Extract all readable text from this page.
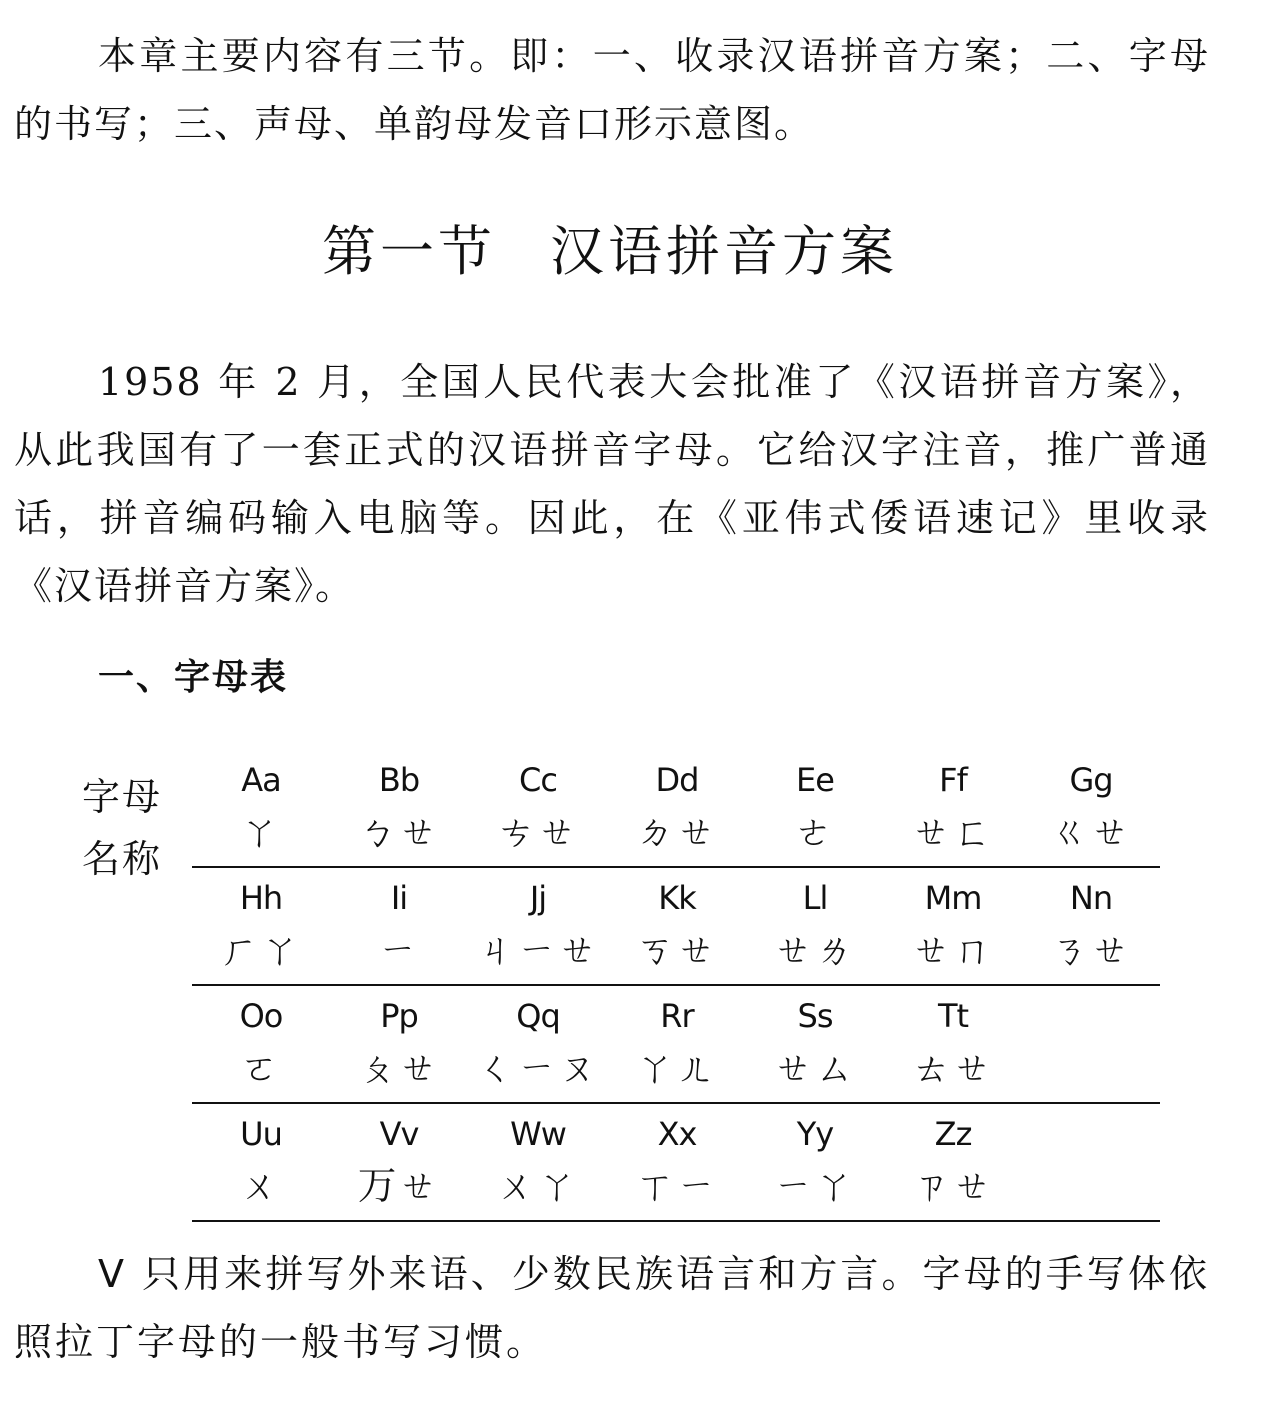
本章主要内容有三节。即：一、收录汉语拼音方案；二、字母的书写；三、声母、单韵母发音口形示意图。

第一节 汉语拼音方案

1958 年 2 月，全国人民代表大会批准了《汉语拼音方案》，从此我国有了一套正式的汉语拼音字母。它给汉字注音，推广普通话，拼音编码输入电脑等。因此，在《亚伟式倭语速记》里收录《汉语拼音方案》。

一、字母表
字母
名称
Aa
ㄚ
Bb
ㄅㄝ
Cc
ㄘㄝ
Dd
ㄉㄝ
Ee
ㄜ
Ff
ㄝㄈ
Gg
ㄍㄝ
Hh
ㄏㄚ
Ii
ㄧ
Jj
ㄐㄧㄝ
Kk
ㄎㄝ
Ll
ㄝㄌ
Mm
ㄝㄇ
Nn
ㄋㄝ
Oo
ㄛ
Pp
ㄆㄝ
Qq
ㄑㄧㄡ
Rr
ㄚㄦ
Ss
ㄝㄙ
Tt
ㄊㄝ
Uu
ㄨ
Vv
ㄪㄝ
Ww
ㄨㄚ
Xx
ㄒㄧ
Yy
ㄧㄚ
Zz
ㄗㄝ

V 只用来拼写外来语、少数民族语言和方言。字母的手写体依照拉丁字母的一般书写习惯。
